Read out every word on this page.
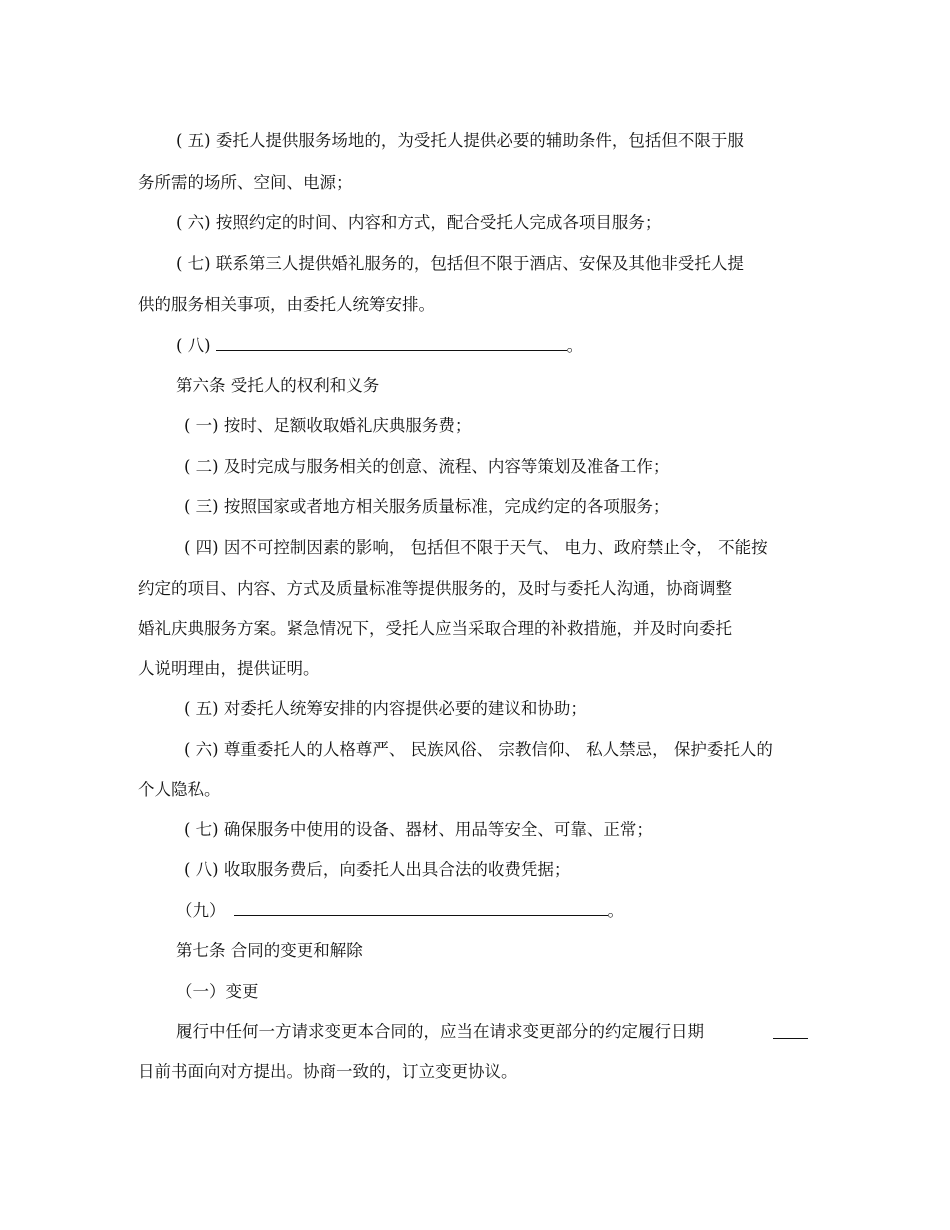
( 五) 委托人提供服务场地的，为受托人提供必要的辅助条件，包括但不限于服
务所需的场所、空间、电源；
( 六) 按照约定的时间、内容和方式，配合受托人完成各项目服务；
( 七) 联系第三人提供婚礼服务的，包括但不限于酒店、安保及其他非受托人提
供的服务相关事项，由委托人统筹安排。
( 八)	。
第六条 受托人的权利和义务
( 一) 按时、足额收取婚礼庆典服务费；
( 二) 及时完成与服务相关的创意、流程、内容等策划及准备工作；
( 三) 按照国家或者地方相关服务质量标准，完成约定的各项服务；
( 四) 因不可控制因素的影响， 包括但不限于天气、 电力、政府禁止令， 不能按
约定的项目、内容、方式及质量标准等提供服务的，及时与委托人沟通，协商调整
婚礼庆典服务方案。紧急情况下，受托人应当采取合理的补救措施，并及时向委托
人说明理由，提供证明。
( 五) 对委托人统筹安排的内容提供必要的建议和协助；
( 六) 尊重委托人的人格尊严、 民族风俗、 宗教信仰、 私人禁忌， 保护委托人的
个人隐私。
( 七) 确保服务中使用的设备、器材、用品等安全、可靠、正常；
( 八) 收取服务费后，向委托人出具合法的收费凭据；
（九）	。
第七条 合同的变更和解除
（一）变更
履行中任何一方请求变更本合同的，应当在请求变更部分的约定履行日期
日前书面向对方提出。协商一致的，订立变更协议。
